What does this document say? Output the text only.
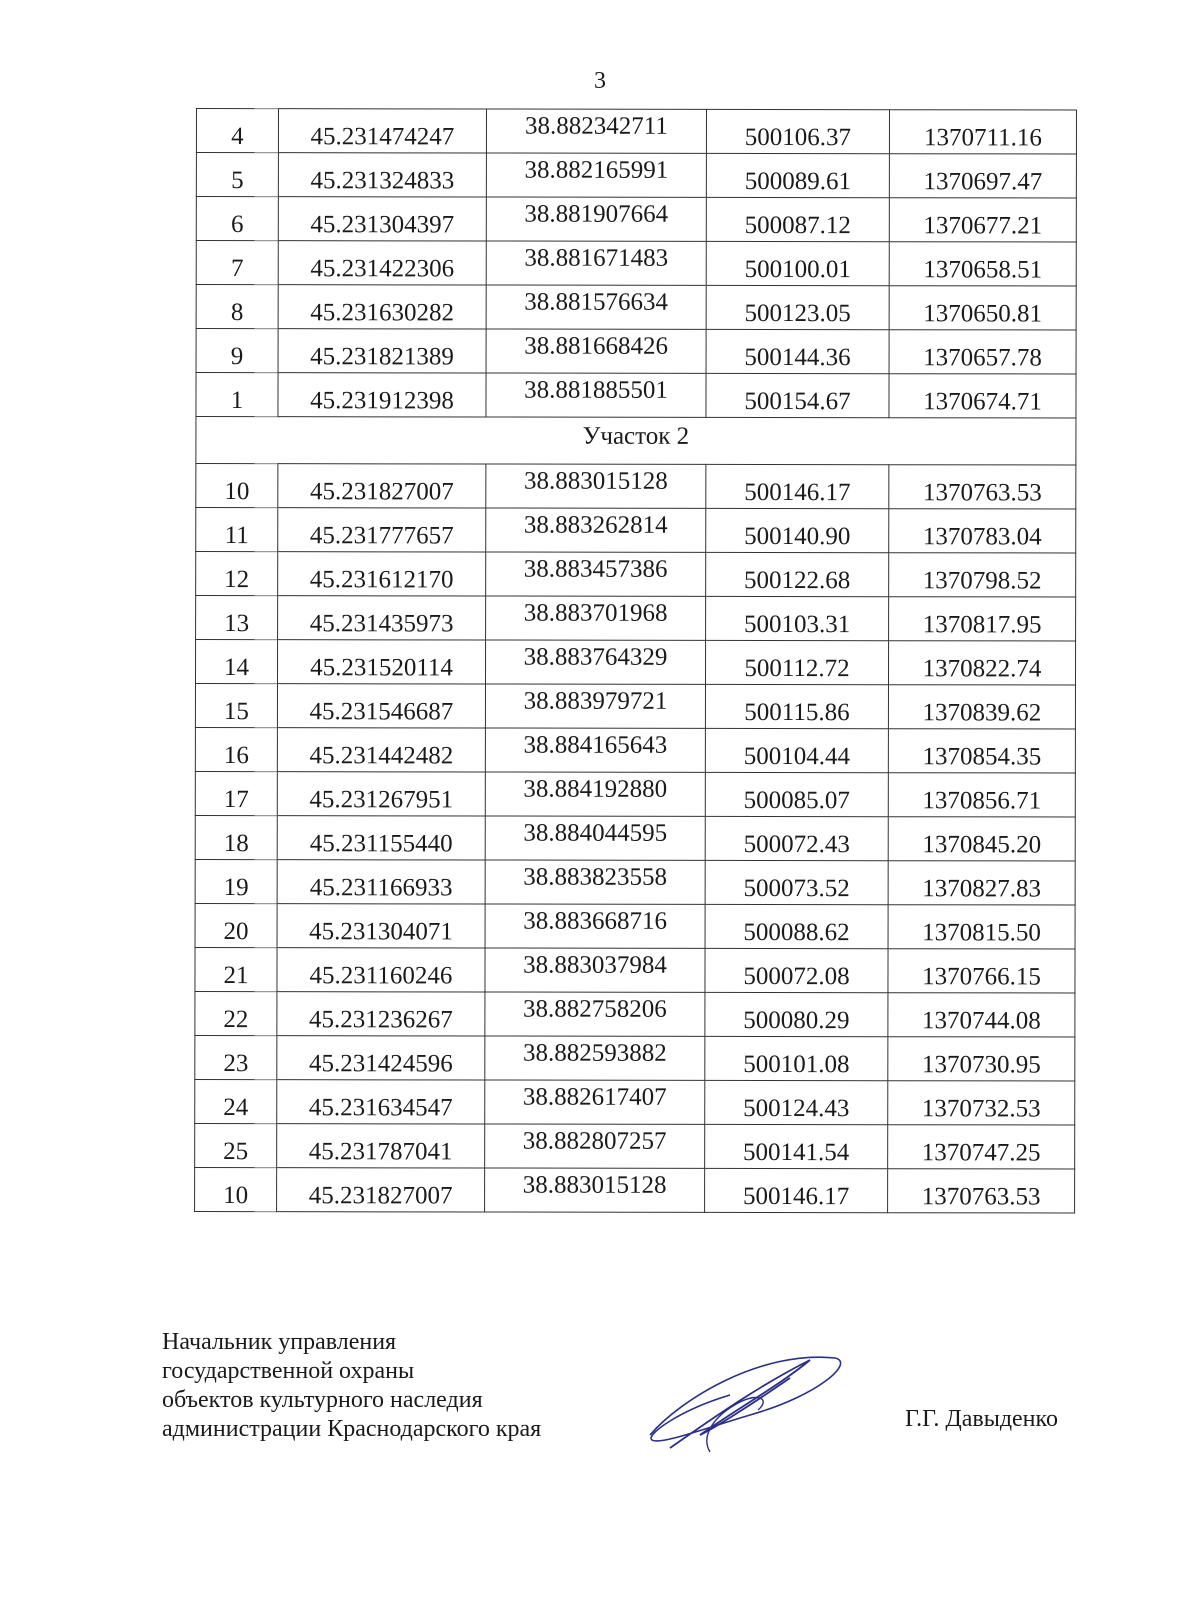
3
4	45.231474247	38.882342711	500106.37	1370711.16
5	45.231324833	38.882165991	500089.61	1370697.47
6	45.231304397	38.881907664	500087.12	1370677.21
7	45.231422306	38.881671483	500100.01	1370658.51
8	45.231630282	38.881576634	500123.05	1370650.81
9	45.231821389	38.881668426	500144.36	1370657.78
1	45.231912398	38.881885501	500154.67	1370674.71
Участок 2				
10	45.231827007	38.883015128	500146.17	1370763.53
11	45.231777657	38.883262814	500140.90	1370783.04
12	45.231612170	38.883457386	500122.68	1370798.52
13	45.231435973	38.883701968	500103.31	1370817.95
14	45.231520114	38.883764329	500112.72	1370822.74
15	45.231546687	38.883979721	500115.86	1370839.62
16	45.231442482	38.884165643	500104.44	1370854.35
17	45.231267951	38.884192880	500085.07	1370856.71
18	45.231155440	38.884044595	500072.43	1370845.20
19	45.231166933	38.883823558	500073.52	1370827.83
20	45.231304071	38.883668716	500088.62	1370815.50
21	45.231160246	38.883037984	500072.08	1370766.15
22	45.231236267	38.882758206	500080.29	1370744.08
23	45.231424596	38.882593882	500101.08	1370730.95
24	45.231634547	38.882617407	500124.43	1370732.53
25	45.231787041	38.882807257	500141.54	1370747.25
10	45.231827007	38.883015128	500146.17	1370763.53
Начальник управления
государственной охраны
объектов культурного наследия
администрации Краснодарского края	Г.Г. Давыденко
